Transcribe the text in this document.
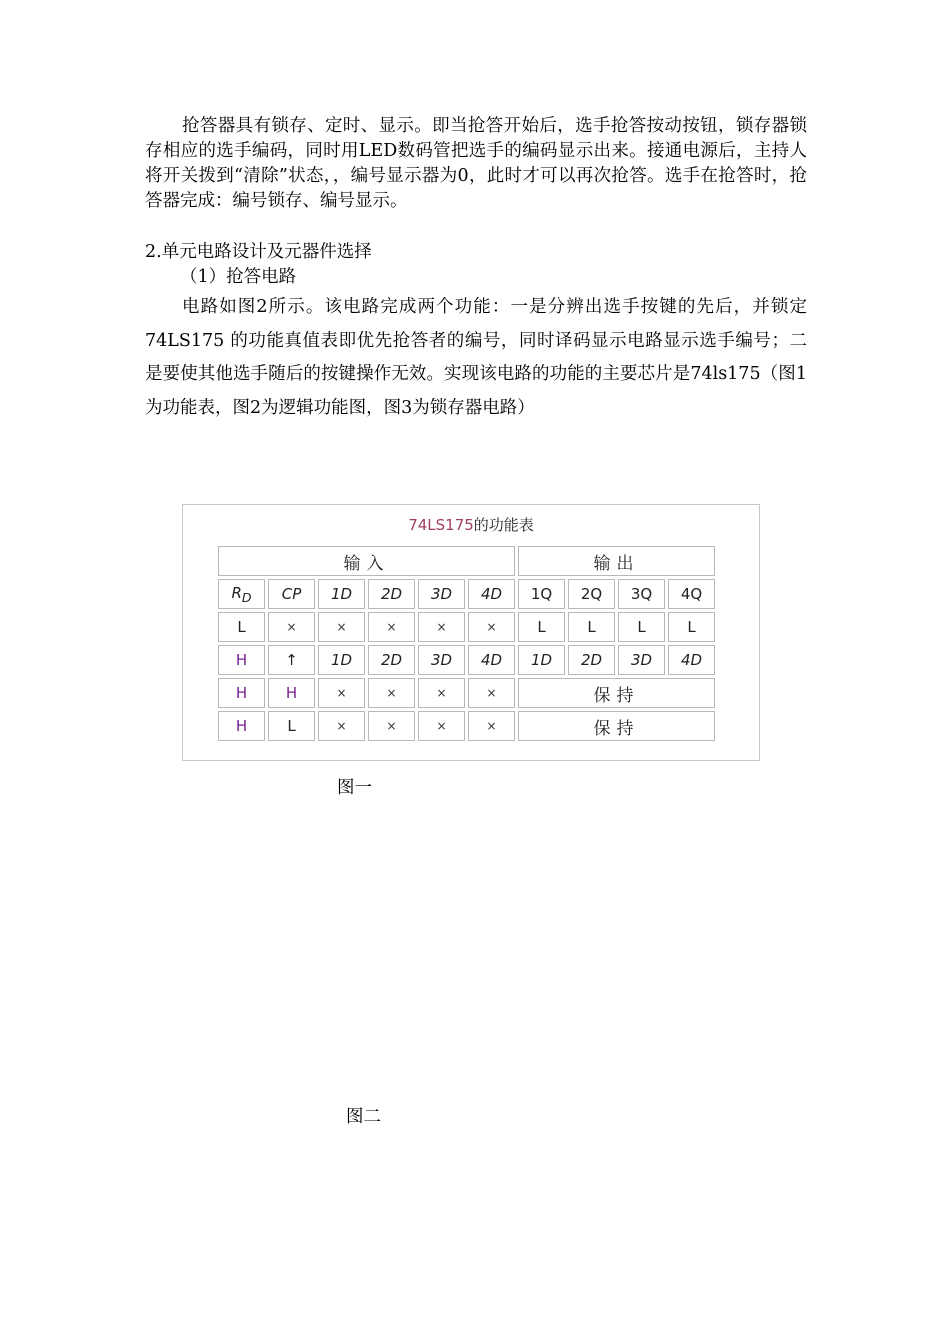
抢答器具有锁存、定时、显示。即当抢答开始后，选手抢答按动按钮，锁存器锁存相应的选手编码，同时用LED数码管把选手的编码显示出来。接通电源后，主持人将开关拨到“清除”状态，，编号显示器为0，此时才可以再次抢答。选手在抢答时，抢答器完成：编号锁存、编号显示。

2.单元电路设计及元器件选择

（1）抢答电路

电路如图2所示。该电路完成两个功能：一是分辨出选手按键的先后，并锁定 74LS175 的功能真值表即优先抢答者的编号，同时译码显示电路显示选手编号；二是要使其他选手随后的按键操作无效。实现该电路的功能的主要芯片是74ls175（图1为功能表，图2为逻辑功能图，图3为锁存器电路）

74LS175的功能表
输入						输出			
$R_D$	CP	1D	2D	3D	4D	1Q	2Q	3Q	4Q
L	×	×	×	×	×	L	L	L	L
H	↑	1D	2D	3D	4D	1D	2D	3D	4D
H	H	×	×	×	×	保持			
H	L	×	×	×	×	保持			

图一

图二
